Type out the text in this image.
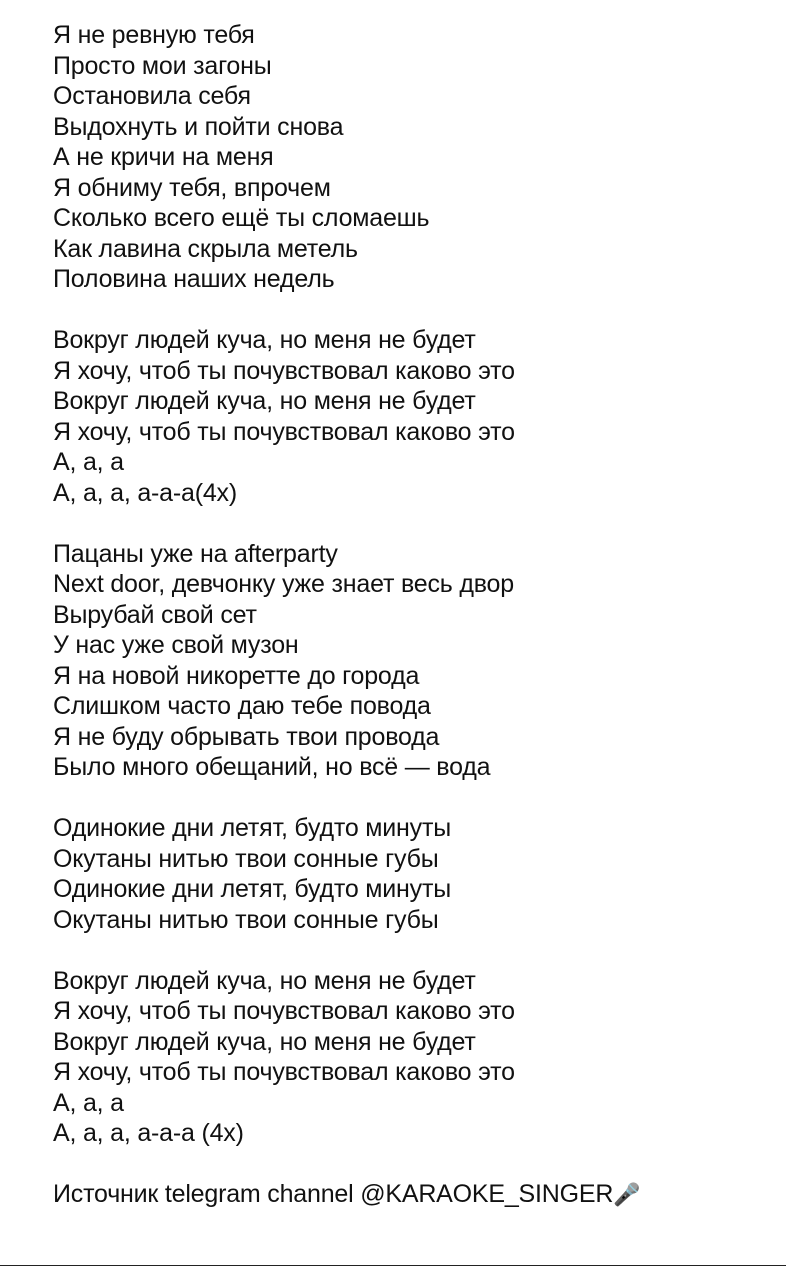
Я не ревную тебя
Просто мои загоны
Остановила себя
Выдохнуть и пойти снова
А не кричи на меня
Я обниму тебя, впрочем
Сколько всего ещё ты сломаешь
Как лавина скрыла метель
Половина наших недель
Вокруг людей куча, но меня не будет
Я хочу, чтоб ты почувствовал каково это
Вокруг людей куча, но меня не будет
Я хочу, чтоб ты почувствовал каково это
А, а, а
А, а, а, а-а-а(4х)
Пацаны уже на afterparty
Next door, девчонку уже знает весь двор
Вырубай свой сет
У нас уже свой музон
Я на новой никоретте до города
Слишком часто даю тебе повода
Я не буду обрывать твои провода
Было много обещаний, но всё — вода
Одинокие дни летят, будто минуты
Окутаны нитью твои сонные губы
Одинокие дни летят, будто минуты
Окутаны нитью твои сонные губы
Вокруг людей куча, но меня не будет
Я хочу, чтоб ты почувствовал каково это
Вокруг людей куча, но меня не будет
Я хочу, чтоб ты почувствовал каково это
А, а, а
А, а, а, а-а-а (4х)
Источник telegram channel @KARAOKE_SINGER🎤
